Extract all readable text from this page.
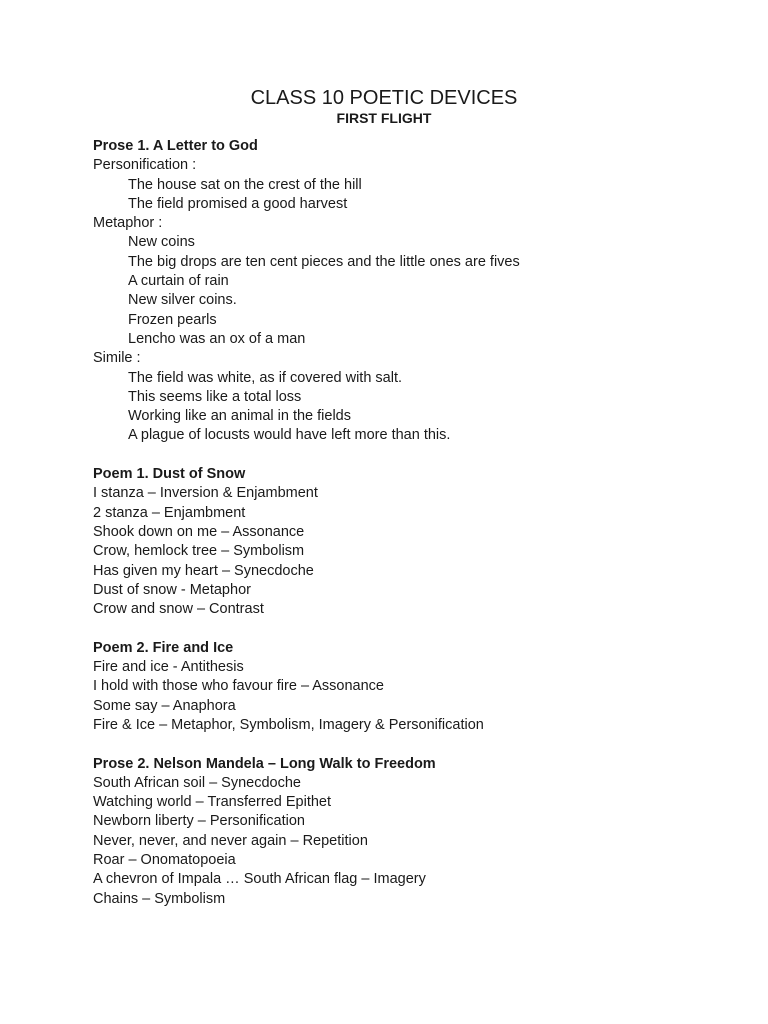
CLASS 10 POETIC DEVICES
FIRST FLIGHT
Prose 1. A Letter to God
Personification :
The house sat on the crest of the hill
The field promised a good harvest
Metaphor :
New coins
The big drops are ten cent pieces and the little ones are fives
A curtain of rain
New silver coins.
Frozen pearls
Lencho was an ox of a man
Simile :
The field was white, as if covered with salt.
This seems like a total loss
Working like an animal in the fields
A plague of locusts would have left more than this.
Poem 1. Dust of Snow
I stanza – Inversion & Enjambment
2 stanza – Enjambment
Shook down on me – Assonance
Crow, hemlock tree – Symbolism
Has given my heart – Synecdoche
Dust of snow - Metaphor
Crow and snow – Contrast
Poem 2. Fire and Ice
Fire and ice - Antithesis
I hold with those who favour fire – Assonance
Some say – Anaphora
Fire & Ice – Metaphor, Symbolism, Imagery & Personification
Prose 2. Nelson Mandela – Long Walk to Freedom
South African soil – Synecdoche
Watching world – Transferred Epithet
Newborn liberty – Personification
Never, never, and never again – Repetition
Roar – Onomatopoeia
A chevron of Impala … South African flag – Imagery
Chains – Symbolism
